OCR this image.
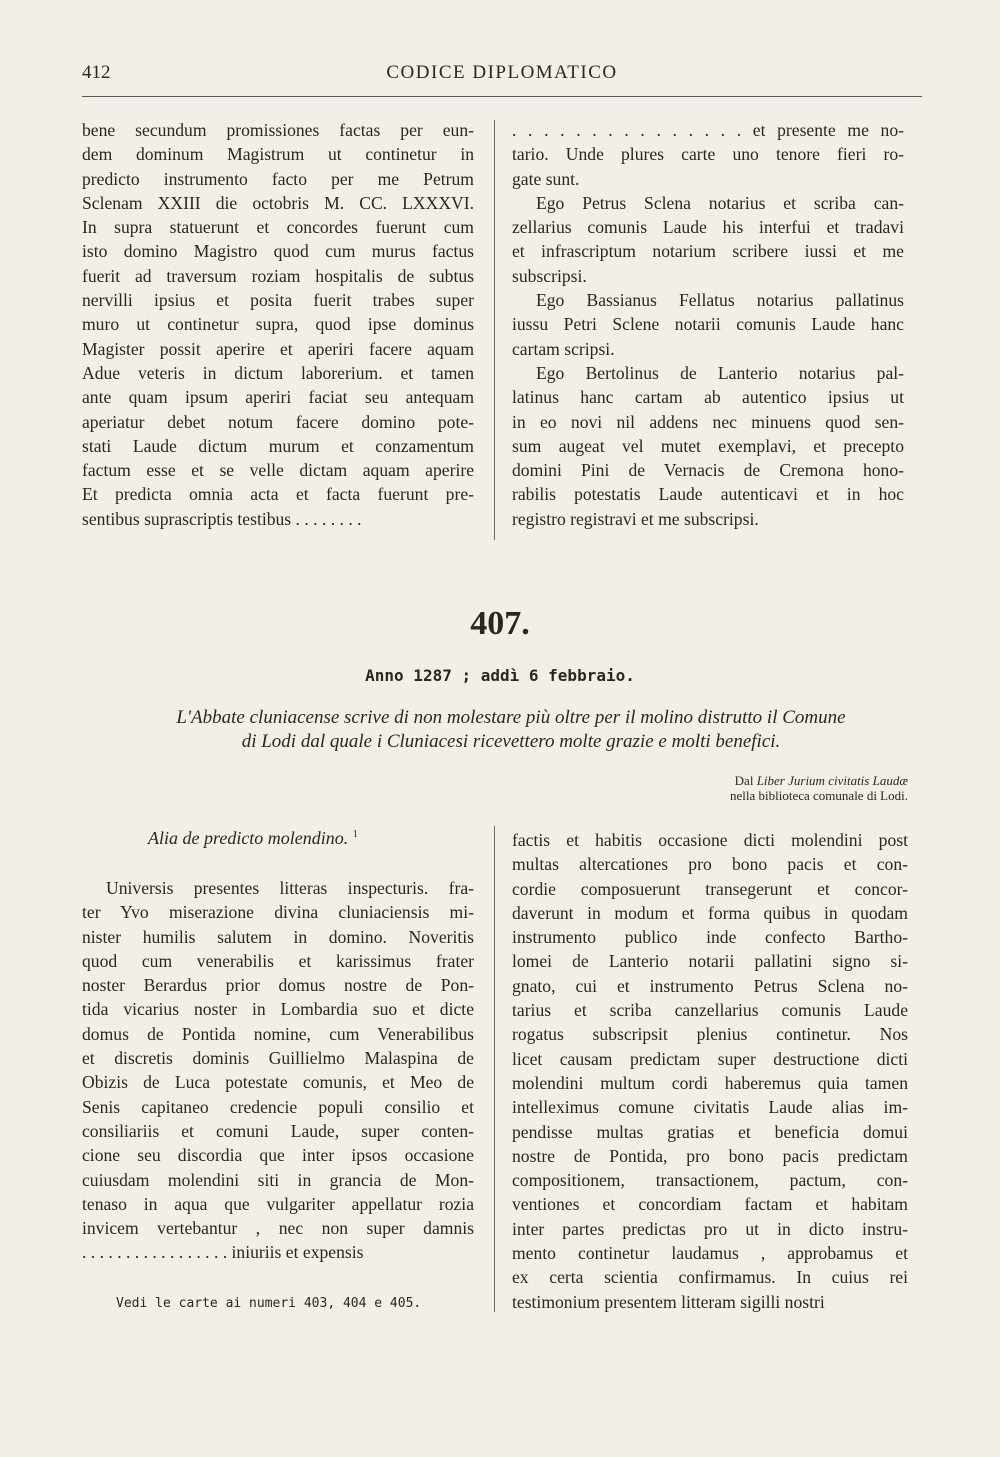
412	CODICE DIPLOMATICO
bene secundum promissiones factas per eun-
dem dominum Magistrum ut continetur in
predicto instrumento facto per me Petrum
Sclenam XXIII die octobris M. CC. LXXXVI.
In supra statuerunt et concordes fuerunt cum
isto domino Magistro quod cum murus factus
fuerit ad traversum roziam hospitalis de subtus
nervilli ipsius et posita fuerit trabes super
muro ut continetur supra, quod ipse dominus
Magister possit aperire et aperiri facere aquam
Adue veteris in dictum laborerium. et tamen
ante quam ipsum aperiri faciat seu antequam
aperiatur debet notum facere domino pote-
stati Laude dictum murum et conzamentum
factum esse et se velle dictam aquam aperire
Et predicta omnia acta et facta fuerunt pre-
sentibus suprascriptis testibus . . . . . . . .
. . . . . . . . . . . . . . . et presente me no-
tario. Unde plures carte uno tenore fieri ro-
gate sunt.
Ego Petrus Sclena notarius et scriba can-
zellarius comunis Laude his interfui et tradavi
et infrascriptum notarium scribere iussi et me
subscripsi.
Ego Bassianus Fellatus notarius pallatinus
iussu Petri Sclene notarii comunis Laude hanc
cartam scripsi.
Ego Bertolinus de Lanterio notarius pal-
latinus hanc cartam ab autentico ipsius ut
in eo novi nil addens nec minuens quod sen-
sum augeat vel mutet exemplavi, et precepto
domini Pini de Vernacis de Cremona hono-
rabilis potestatis Laude autenticavi et in hoc
registro registravi et me subscripsi.
407.
Anno 1287 ; addì 6 febbraio.
L'Abbate cluniacense scrive di non molestare più oltre per il molino distrutto il Comune
di Lodi dal quale i Cluniacesi ricevettero molte grazie e molti benefici.
Dal Liber Jurium civitatis Laudæ
nella biblioteca comunale di Lodi.
Alia de predicto molendino. $^1$
Universis presentes litteras inspecturis. fra-
ter Yvo miserazione divina cluniaciensis mi-
nister humilis salutem in domino. Noveritis
quod cum venerabilis et karissimus frater
noster Berardus prior domus nostre de Pon-
tida vicarius noster in Lombardia suo et dicte
domus de Pontida nomine, cum Venerabilibus
et discretis dominis Guillielmo Malaspina de
Obizis de Luca potestate comunis, et Meo de
Senis capitaneo credencie populi consilio et
consiliariis et comuni Laude, super conten-
cione seu discordia que inter ipsos occasione
cuiusdam molendini siti in grancia de Mon-
tenaso in aqua que vulgariter appellatur rozia
invicem vertebantur , nec non super damnis
. . . . . . . . . . . . . . . . . iniuriis et expensis
factis et habitis occasione dicti molendini post
multas altercationes pro bono pacis et con-
cordie composuerunt transegerunt et concor-
daverunt in modum et forma quibus in quodam
instrumento publico inde confecto Bartho-
lomei de Lanterio notarii pallatini signo si-
gnato, cui et instrumento Petrus Sclena no-
tarius et scriba canzellarius comunis Laude
rogatus subscripsit plenius continetur. Nos
licet causam predictam super destructione dicti
molendini multum cordi haberemus quia tamen
intelleximus comune civitatis Laude alias im-
pendisse multas gratias et beneficia domui
nostre de Pontida, pro bono pacis predictam
compositionem, transactionem, pactum, con-
ventiones et concordiam factam et habitam
inter partes predictas pro ut in dicto instru-
mento continetur laudamus , approbamus et
ex certa scientia confirmamus. In cuius rei
testimonium presentem litteram sigilli nostri
Vedi le carte ai numeri 403, 404 e 405.
